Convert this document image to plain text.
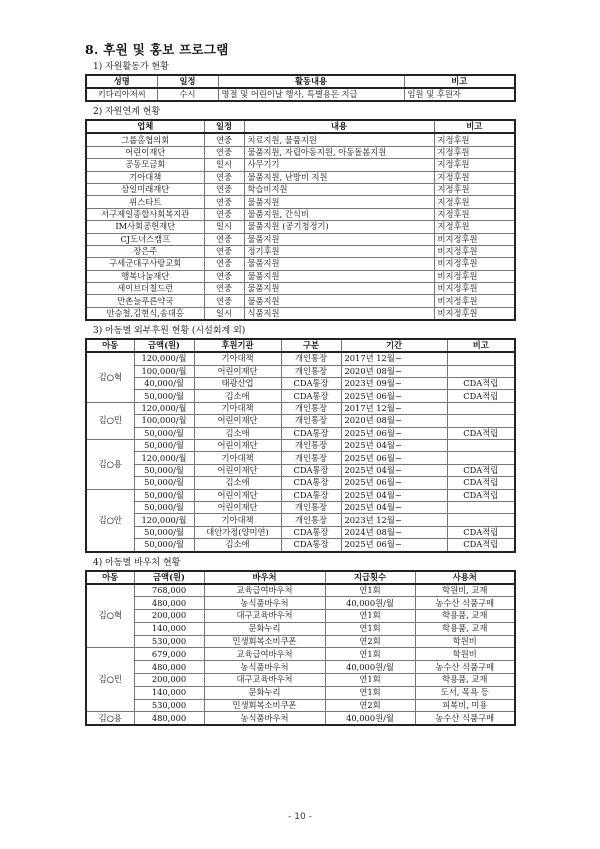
8. 후원 및 홍보 프로그램
1) 자원활동가 현황
성명	일정	활동내용	비고
키다리아저씨	수시	명절 및 어린이날 행사, 특별용돈 지급	임원 및 후원자
2) 자원연계 현황
업체	일정	내용	비고
그룹홈협의회	연중	치료지원, 물품지원	지정후원
어린이재단	연중	물품지원, 자립아동지원, 아동돌봄지원	지정후원
공동모금회	일시	사무기기	지정후원
기아대책	연중	물품지원, 난방비 지원	지정후원
삼일미래재단	연중	학습비지원	지정후원
위스타트	연중	물품지원	지정후원
서구제일종합사회복지관	연중	물품지원, 간식비	지정후원
IM사회공헌재단	일시	물품지원 (공기청정기)	지정후원
CJ도너스캠프	연중	물품지원	비지정후원
장은주	연중	정기후원	비지정후원
구세군대구사랑교회	연중	물품지원	비지정후원
행복나눔재단	연중	물품지원	비지정후원
세이브더칠드런	연중	물품지원	비지정후원
만촌늘푸른약국	연중	물품지원	비지정후원
안승철,김현식,송대홍	일시	식품지원	비지정후원
3) 아동별 외부후원 현황 (시설회계 외)
아동	금액(원)	후원기관	구분	기간	비고
김○혁	120,000/월	기아대책	개인통장	2017년 12월~	
	100,000/월	어린이재단	개인통장	2020년 08월~	
	40,000/월	태광산업	CDA통장	2023년 09월~	CDA적립
	50,000/월	김소애	CDA통장	2025년 06월~	CDA적립
김○민	120,000/월	기아대책	개인통장	2017년 12월~	
	100,000/월	어린이재단	개인통장	2020년 08월~	
	50,000/월	김소애	CDA통장	2025년 06월~	CDA적립
김○용	50,000/월	어린이재단	개인통장	2025년 04월~	
	120,000/월	기아대책	개인통장	2025년 06월~	
	50,000/월	어린이재단	CDA통장	2025년 04월~	CDA적립
	50,000/월	김소애	CDA통장	2025년 06월~	CDA적립
김○안	50,000/월	어린이재단	CDA통장	2025년 04월~	CDA적립
	50,000/월	어린이재단	개인통장	2025년 04월~	
	120,000/월	기아대책	개인통장	2023년 12월~	
	50,000/월	대안가정(양미연)	CDA통장	2024년 08월~	CDA적립
	50,000/월	김소애	CDA통장	2025년 06월~	CDA적립
4) 아동별 바우처 현황
아동	금액(원)	바우처	지급횟수	사용처
김○혁	768,000	교육급여바우처	연1회	학원비, 교재
	480,000	농식품바우처	40,000원/월	농수산 식품구매
	200,000	대구교육바우처	연1회	학용품, 교재
	140,000	문화누리	연1회	학용품, 교재
	530,000	민생회복소비쿠폰	연2회	학원비
김○민	679,000	교육급여바우처	연1회	학원비
	480,000	농식품바우처	40,000원/월	농수산 식품구매
	200,000	대구교육바우처	연1회	학용품, 교재
	140,000	문화누리	연1회	도서, 목욕 등
	530,000	민생회복소비쿠폰	연2회	피복비, 미용
김○용	480,000	농식품바우처	40,000원/월	농수산 식품구매
- 10 -
